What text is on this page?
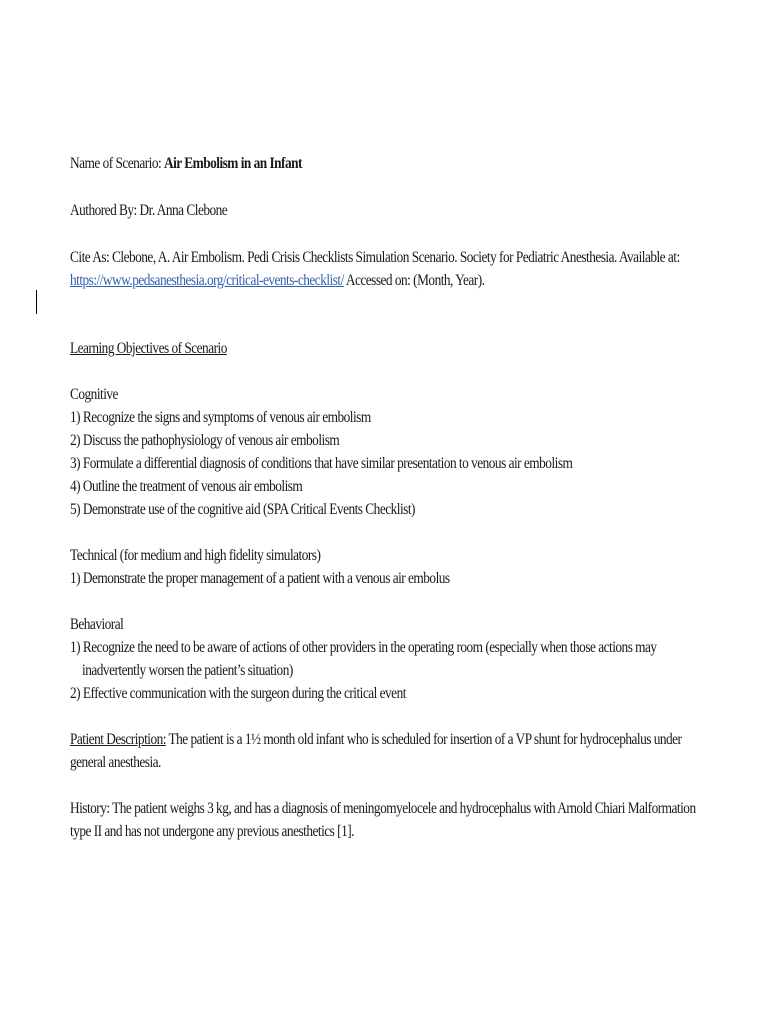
Name of Scenario: Air Embolism in an Infant

Authored By: Dr. Anna Clebone

Cite As: Clebone, A. Air Embolism. Pedi Crisis Checklists Simulation Scenario. Society for Pediatric Anesthesia. Available at:
https://www.pedsanesthesia.org/critical-events-checklist/ Accessed on: (Month, Year).

Learning Objectives of Scenario

Cognitive

1) Recognize the signs and symptoms of venous air embolism

2) Discuss the pathophysiology of venous air embolism

3) Formulate a differential diagnosis of conditions that have similar presentation to venous air embolism

4) Outline the treatment of venous air embolism

5) Demonstrate use of the cognitive aid (SPA Critical Events Checklist)

Technical (for medium and high fidelity simulators)

1) Demonstrate the proper management of a patient with a venous air embolus

Behavioral

1) Recognize the need to be aware of actions of other providers in the operating room (especially when those actions may

inadvertently worsen the patient’s situation)

2) Effective communication with the surgeon during the critical event

Patient Description: The patient is a 1½ month old infant who is scheduled for insertion of a VP shunt for hydrocephalus under general anesthesia.

History: The patient weighs 3 kg, and has a diagnosis of meningomyelocele and hydrocephalus with Arnold Chiari Malformation type II and has not undergone any previous anesthetics [1].
